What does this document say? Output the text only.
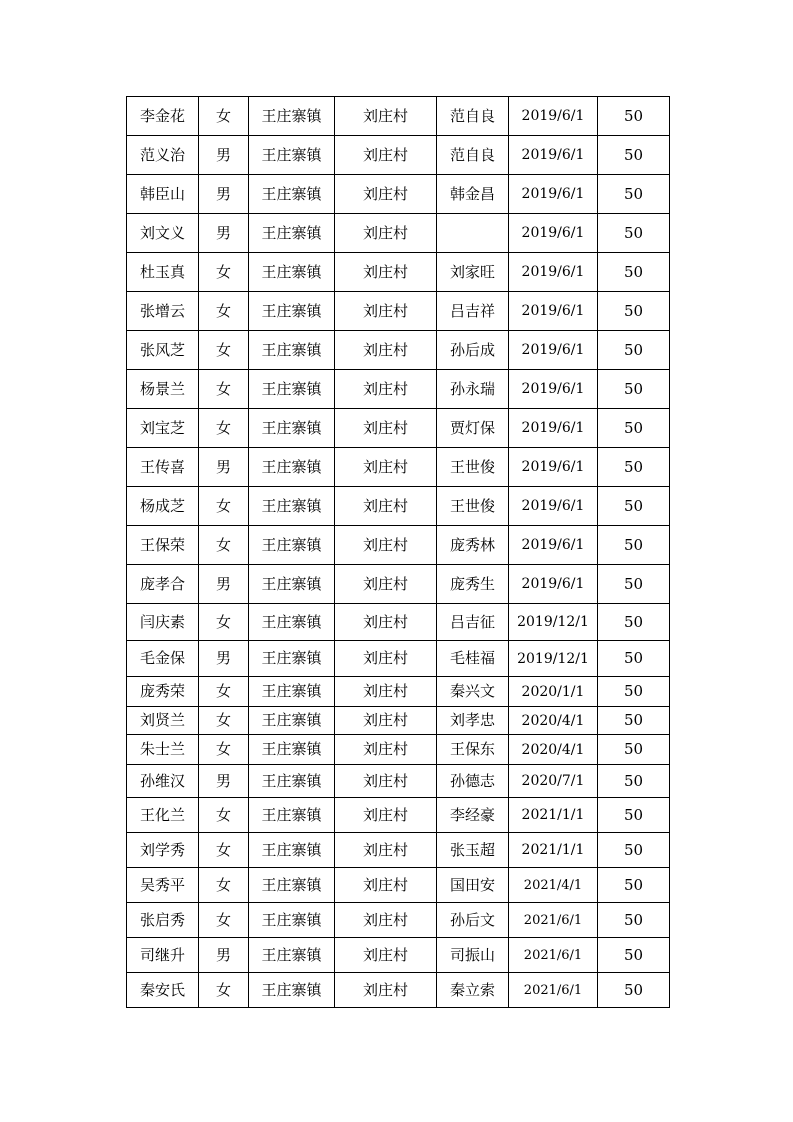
李金花	女	王庄寨镇	刘庄村	范自良	2019/6/1	50
范义治	男	王庄寨镇	刘庄村	范自良	2019/6/1	50
韩臣山	男	王庄寨镇	刘庄村	韩金昌	2019/6/1	50
刘文义	男	王庄寨镇	刘庄村		2019/6/1	50
杜玉真	女	王庄寨镇	刘庄村	刘家旺	2019/6/1	50
张增云	女	王庄寨镇	刘庄村	吕吉祥	2019/6/1	50
张风芝	女	王庄寨镇	刘庄村	孙后成	2019/6/1	50
杨景兰	女	王庄寨镇	刘庄村	孙永瑞	2019/6/1	50
刘宝芝	女	王庄寨镇	刘庄村	贾灯保	2019/6/1	50
王传喜	男	王庄寨镇	刘庄村	王世俊	2019/6/1	50
杨成芝	女	王庄寨镇	刘庄村	王世俊	2019/6/1	50
王保荣	女	王庄寨镇	刘庄村	庞秀林	2019/6/1	50
庞孝合	男	王庄寨镇	刘庄村	庞秀生	2019/6/1	50
闫庆素	女	王庄寨镇	刘庄村	吕吉征	2019/12/1	50
毛金保	男	王庄寨镇	刘庄村	毛桂福	2019/12/1	50
庞秀荣	女	王庄寨镇	刘庄村	秦兴文	2020/1/1	50
刘贤兰	女	王庄寨镇	刘庄村	刘孝忠	2020/4/1	50
朱士兰	女	王庄寨镇	刘庄村	王保东	2020/4/1	50
孙维汉	男	王庄寨镇	刘庄村	孙德志	2020/7/1	50
王化兰	女	王庄寨镇	刘庄村	李经豪	2021/1/1	50
刘学秀	女	王庄寨镇	刘庄村	张玉超	2021/1/1	50
吴秀平	女	王庄寨镇	刘庄村	国田安	2021/4/1	50
张启秀	女	王庄寨镇	刘庄村	孙后文	2021/6/1	50
司继升	男	王庄寨镇	刘庄村	司振山	2021/6/1	50
秦安氏	女	王庄寨镇	刘庄村	秦立索	2021/6/1	50
